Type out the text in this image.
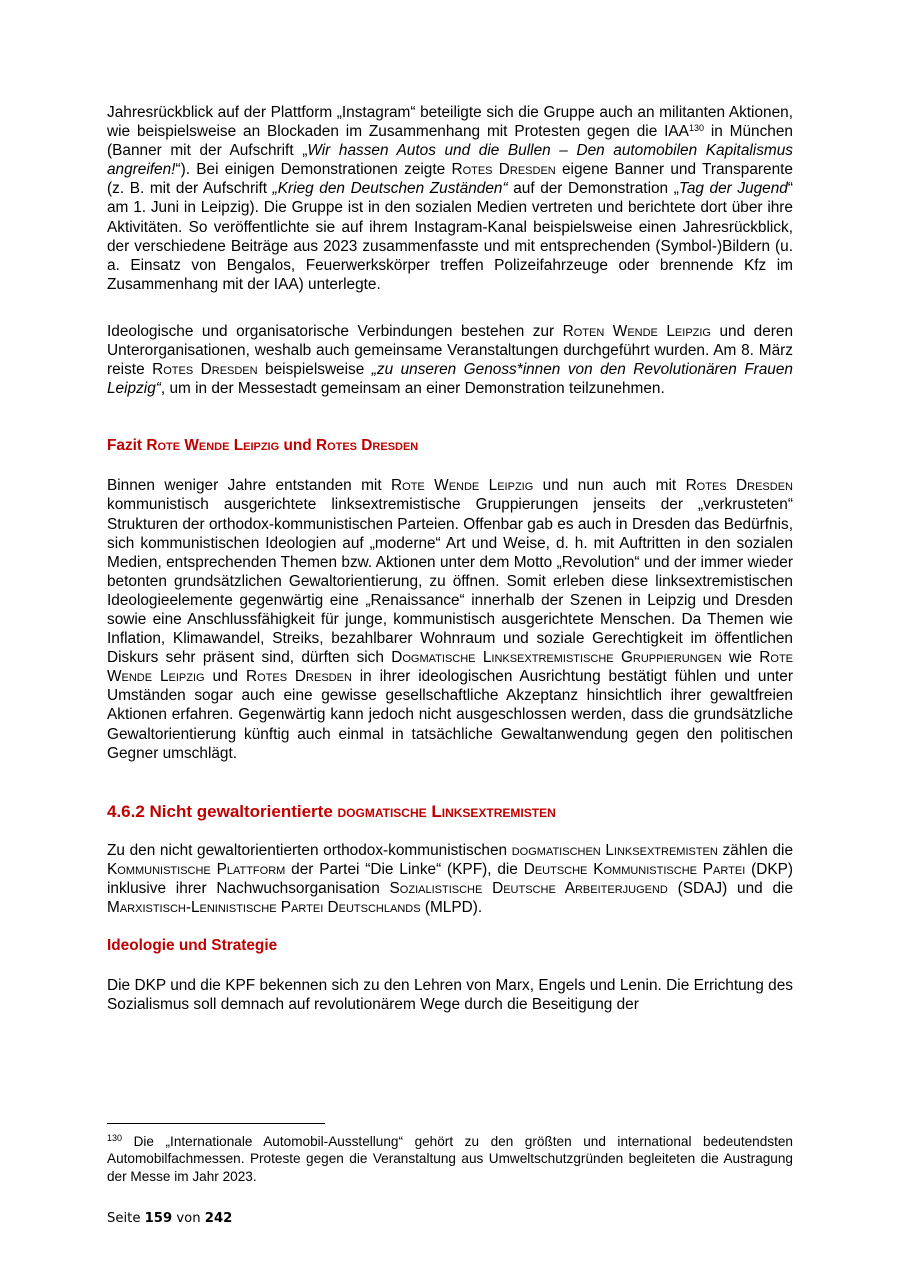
Jahresrückblick auf der Plattform „Instagram“ beteiligte sich die Gruppe auch an militanten Aktionen, wie beispielsweise an Blockaden im Zusammenhang mit Protesten gegen die IAA$^{130}$ in München (Banner mit der Aufschrift „Wir hassen Autos und die Bullen – Den automobilen Kapitalismus angreifen!“). Bei einigen Demonstrationen zeigte Rotes Dresden eigene Banner und Transparente (z. B. mit der Aufschrift „Krieg den Deutschen Zuständen“ auf der Demonstration „Tag der Jugend“ am 1. Juni in Leipzig). Die Gruppe ist in den sozialen Medien vertreten und berichtete dort über ihre Aktivitäten. So veröffentlichte sie auf ihrem Instagram-Kanal beispielsweise einen Jahresrückblick, der verschiedene Beiträge aus 2023 zusammenfasste und mit entsprechenden (Symbol-)Bildern (u. a. Einsatz von Bengalos, Feuerwerkskörper treffen Polizeifahrzeuge oder brennende Kfz im Zusammenhang mit der IAA) unterlegte.

Ideologische und organisatorische Verbindungen bestehen zur Roten Wende Leipzig und deren Unterorganisationen, weshalb auch gemeinsame Veranstaltungen durchgeführt wurden. Am 8. März reiste Rotes Dresden beispielsweise „zu unseren Genoss*innen von den Revolutionären Frauen Leipzig“, um in der Messestadt gemeinsam an einer Demonstration teilzunehmen.

Fazit Rote Wende Leipzig und Rotes Dresden

Binnen weniger Jahre entstanden mit Rote Wende Leipzig und nun auch mit Rotes Dresden kommunistisch ausgerichtete linksextremistische Gruppierungen jenseits der „verkrusteten“ Strukturen der orthodox-kommunistischen Parteien. Offenbar gab es auch in Dresden das Bedürfnis, sich kommunistischen Ideologien auf „moderne“ Art und Weise, d. h. mit Auftritten in den sozialen Medien, entsprechenden Themen bzw. Aktionen unter dem Motto „Revolution“ und der immer wieder betonten grundsätzlichen Gewaltorientierung, zu öffnen. Somit erleben diese linksextremistischen Ideologieelemente gegenwärtig eine „Renaissance“ innerhalb der Szenen in Leipzig und Dresden sowie eine Anschlussfähigkeit für junge, kommunistisch ausgerichtete Menschen. Da Themen wie Inflation, Klimawandel, Streiks, bezahlbarer Wohnraum und soziale Gerechtigkeit im öffentlichen Diskurs sehr präsent sind, dürften sich Dogmatische Linksextremistische Gruppierungen wie Rote Wende Leipzig und Rotes Dresden in ihrer ideologischen Ausrichtung bestätigt fühlen und unter Umständen sogar auch eine gewisse gesellschaftliche Akzeptanz hinsichtlich ihrer gewaltfreien Aktionen erfahren. Gegenwärtig kann jedoch nicht ausgeschlossen werden, dass die grundsätzliche Gewaltorientierung künftig auch einmal in tatsächliche Gewaltanwendung gegen den politischen Gegner umschlägt.

4.6.2 Nicht gewaltorientierte dogmatische Linksextremisten

Zu den nicht gewaltorientierten orthodox-kommunistischen dogmatischen Linksextremisten zählen die Kommunistische Plattform der Partei “Die Linke“ (KPF), die Deutsche Kommunistische Partei (DKP) inklusive ihrer Nachwuchsorganisation Sozialistische Deutsche Arbeiterjugend (SDAJ) und die Marxistisch-Leninistische Partei Deutschlands (MLPD).

Ideologie und Strategie

Die DKP und die KPF bekennen sich zu den Lehren von Marx, Engels und Lenin. Die Errichtung des Sozialismus soll demnach auf revolutionärem Wege durch die Beseitigung der

$^{130}$ Die „Internationale Automobil-Ausstellung“ gehört zu den größten und international bedeutendsten Automobilfachmessen. Proteste gegen die Veranstaltung aus Umweltschutzgründen begleiteten die Austragung der Messe im Jahr 2023.
Seite 159 von 242
